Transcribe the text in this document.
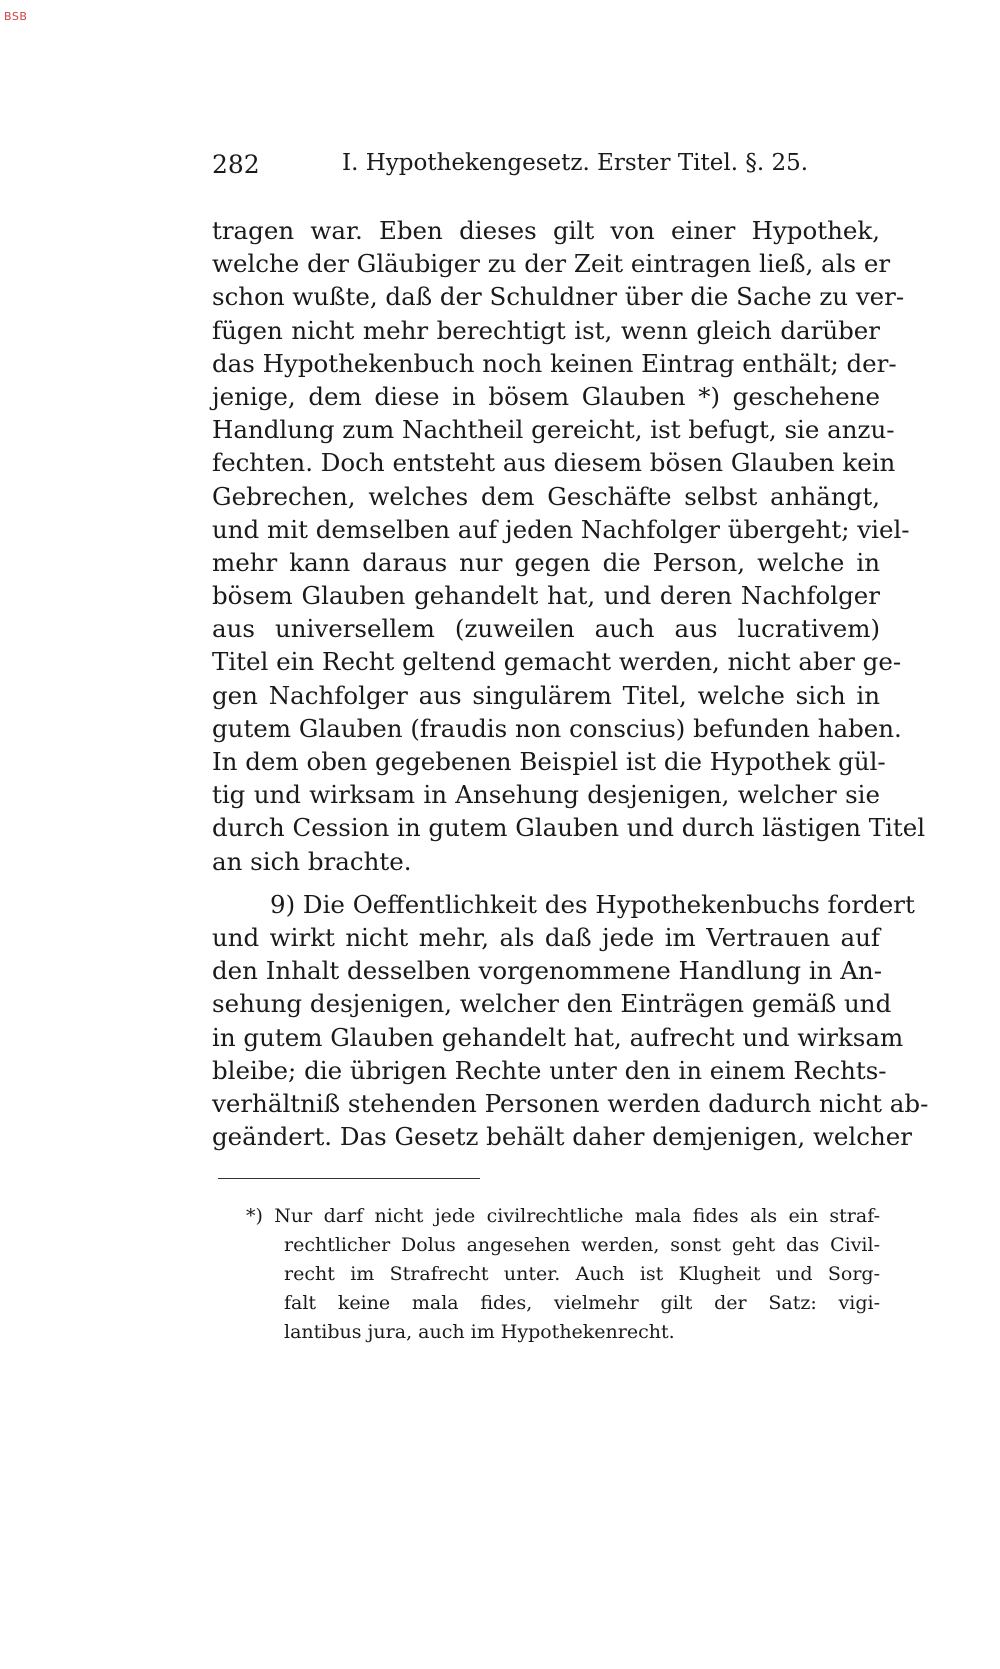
BSB
282	I. Hypothekengesetz. Erster Titel. §. 25.
tragen war. Eben dieses gilt von einer Hypothek,
welche der Gläubiger zu der Zeit eintragen ließ, als er
schon wußte, daß der Schuldner über die Sache zu ver-
fügen nicht mehr berechtigt ist, wenn gleich darüber
das Hypothekenbuch noch keinen Eintrag enthält; der-
jenige, dem diese in bösem Glauben *) geschehene
Handlung zum Nachtheil gereicht, ist befugt, sie anzu-
fechten. Doch entsteht aus diesem bösen Glauben kein
Gebrechen, welches dem Geschäfte selbst anhängt,
und mit demselben auf jeden Nachfolger übergeht; viel-
mehr kann daraus nur gegen die Person, welche in
bösem Glauben gehandelt hat, und deren Nachfolger
aus universellem (zuweilen auch aus lucrativem)
Titel ein Recht geltend gemacht werden, nicht aber ge-
gen Nachfolger aus singulärem Titel, welche sich in
gutem Glauben (fraudis non conscius) befunden haben.
In dem oben gegebenen Beispiel ist die Hypothek gül-
tig und wirksam in Ansehung desjenigen, welcher sie
durch Cession in gutem Glauben und durch lästigen Titel
an sich brachte.
9) Die Oeffentlichkeit des Hypothekenbuchs fordert
und wirkt nicht mehr, als daß jede im Vertrauen auf
den Inhalt desselben vorgenommene Handlung in An-
sehung desjenigen, welcher den Einträgen gemäß und
in gutem Glauben gehandelt hat, aufrecht und wirksam
bleibe; die übrigen Rechte unter den in einem Rechts-
verhältniß stehenden Personen werden dadurch nicht ab-
geändert. Das Gesetz behält daher demjenigen, welcher
*) Nur darf nicht jede civilrechtliche mala fides als ein straf-
rechtlicher Dolus angesehen werden, sonst geht das Civil-
recht im Strafrecht unter. Auch ist Klugheit und Sorg-
falt keine mala fides, vielmehr gilt der Satz: vigi-
lantibus jura, auch im Hypothekenrecht.
